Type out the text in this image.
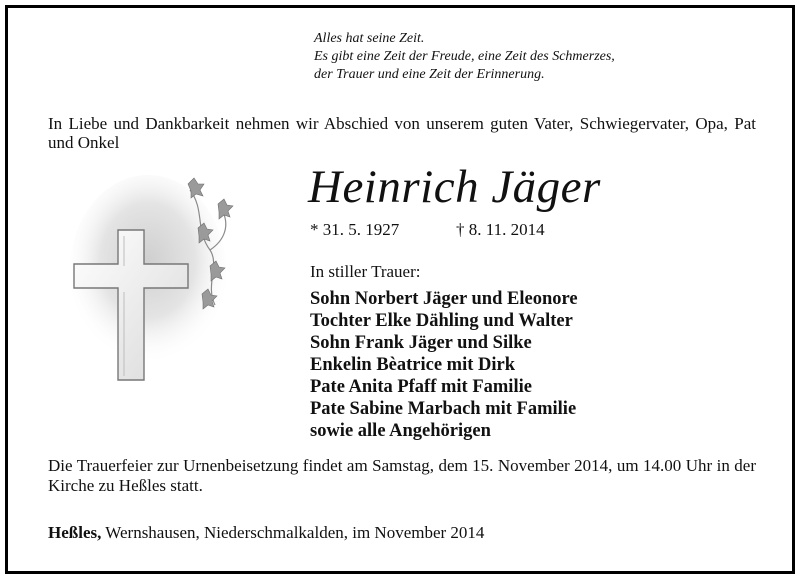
Alles hat seine Zeit.
Es gibt eine Zeit der Freude, eine Zeit des Schmerzes,
der Trauer und eine Zeit der Erinnerung.
In Liebe und Dankbarkeit nehmen wir Abschied von unserem guten Vater, Schwiegervater, Opa, Pat und Onkel
Heinrich Jäger
* 31. 5. 1927	† 8. 11. 2014
In stiller Trauer:
Sohn Norbert Jäger und Eleonore
Tochter Elke Dähling und Walter
Sohn Frank Jäger und Silke
Enkelin Bèatrice mit Dirk
Pate Anita Pfaff mit Familie
Pate Sabine Marbach mit Familie
sowie alle Angehörigen
Die Trauerfeier zur Urnenbeisetzung findet am Samstag, dem 15. November 2014, um 14.00 Uhr in der Kirche zu Heßles statt.
Heßles, Wernshausen, Niederschmalkalden, im November 2014
